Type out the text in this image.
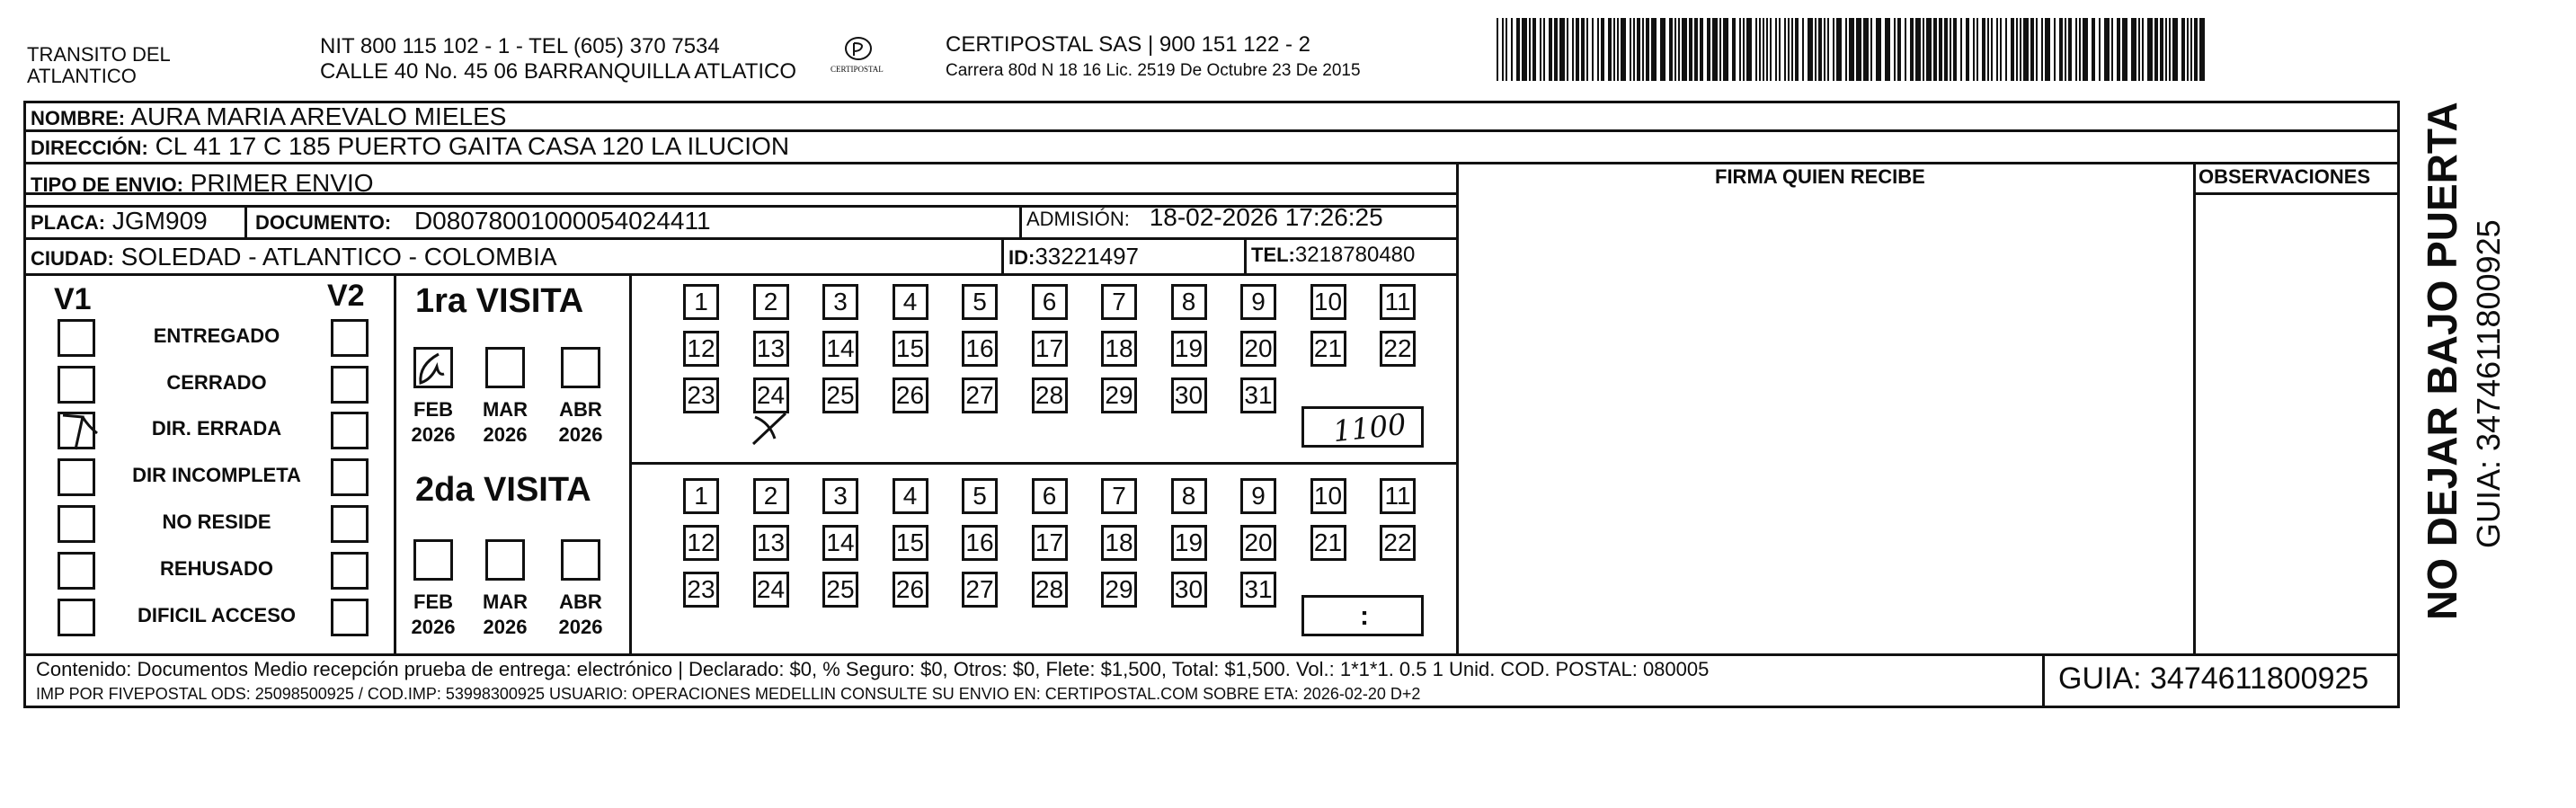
TRANSITO DEL
ATLANTICO
NIT 800 115 102 - 1 - TEL (605) 370 7534
CALLE 40 No. 45 06 BARRANQUILLA ATLATICO	CERTIPOSTAL
CERTIPOSTAL SAS | 900 151 122 - 2
Carrera 80d N 18 16 Lic. 2519 De Octubre 23 De 2015
NOMBRE: AURA MARIA AREVALO MIELES
DIRECCIÓN: CL 41 17 C 185 PUERTO GAITA CASA 120 LA ILUCION
TIPO DE ENVIO: PRIMER ENVIO	FIRMA QUIEN RECIBE	OBSERVACIONES
PLACA: JGM909 DOCUMENTO: D08078001000054024411	ADMISIÓN: 18-02-2026 17:26:25
CIUDAD: SOLEDAD - ATLANTICO - COLOMBIA	ID:33221497	TEL:3218780480
V1	V2
ENTREGADO
CERRADO
DIR. ERRADA
DIR INCOMPLETA
NO RESIDE
REHUSADO
DIFICIL ACCESO
1ra VISITA
FEB
2026
MAR
2026
ABR
2026
1	2	3	4	5	6	7	8	9	10 11
12 13 14 15 16 17 18 19 20 21 22
23 24 25 26 27 28 29 30 31
1100
2da VISITA
FEB
2026
MAR
2026
ABR
2026
1	2	3	4	5	6	7	8	9	10 11
12 13 14 15 16 17 18 19 20 21 22
23 24 25 26 27 28 29 30 31
:
Contenido: Documentos Medio recepción prueba de entrega: electrónico | Declarado: $0, % Seguro: $0, Otros: $0, Flete: $1,500, Total: $1,500. Vol.: 1*1*1. 0.5 1 Unid. COD. POSTAL: 080005
IMP POR FIVEPOSTAL ODS: 25098500925 / COD.IMP: 53998300925 USUARIO: OPERACIONES MEDELLIN CONSULTE SU ENVIO EN: CERTIPOSTAL.COM SOBRE ETA: 2026-02-20 D+2	GUIA: 3474611800925
NO DEJAR BAJO PUERTA GUIA: 3474611800925
